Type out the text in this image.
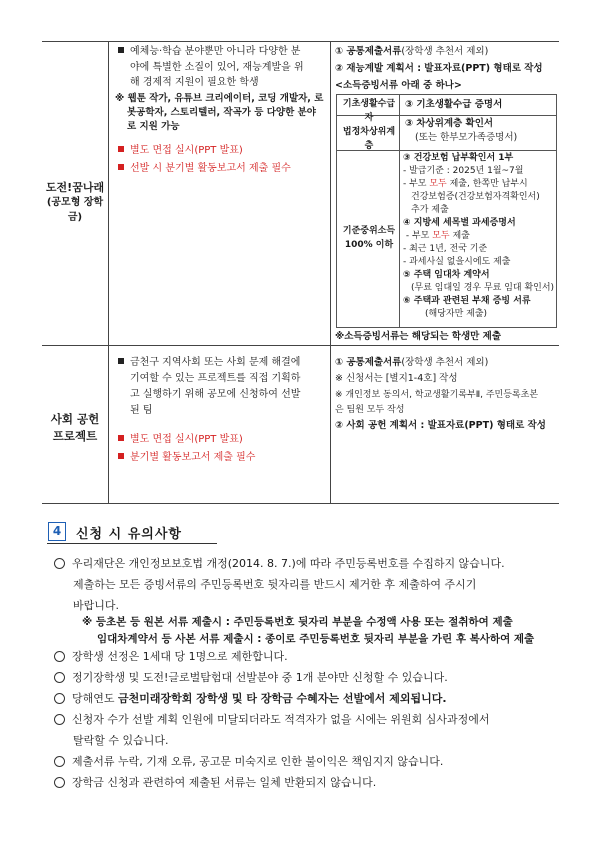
도전!꿈나래
(공모형 장학금)
예체능·학습 분야뿐만 아니라 다양한 분
야에 특별한 소질이 있어, 재능계발을 위
해 경제적 지원이 필요한 학생
※ 웹툰 작가, 유튜브 크리에이터, 코딩 개발자, 로
봇공학자, 스토리텔러, 작곡가 등 다양한 분야
로 지원 가능
별도 면접 실시(PPT 발표)
선발 시 분기별 활동보고서 제출 필수
① 공통제출서류(장학생 추천서 제외)
② 재능계발 계획서 : 발표자료(PPT) 형태로 작성
<소득증빙서류 아래 중 하나>
기초생활수급자
③ 기초생활수급 증명서
법정차상위계층
③ 차상위계층 확인서
(또는 한부모가족증명서)
기준중위소득
100% 이하
③ 건강보험 납부확인서 1부
- 발급기준 : 2025년 1월~7월
- 부모 모두 제출, 한쪽만 납부시
건강보험증(건강보험자격확인서)
추가 제출
④ 지방세 세목별 과세증명서
- 부모 모두 제출
- 최근 1년, 전국 기준
- 과세사실 없을시에도 제출
⑤ 주택 임대차 계약서
(무료 임대일 경우 무료 임대 확인서)
⑥ 주택과 관련된 부채 증빙 서류
(해당자만 제출)
※소득증빙서류는 해당되는 학생만 제출
사회 공헌
프로젝트
금천구 지역사회 또는 사회 문제 해결에
기여할 수 있는 프로젝트를 직접 기획하
고 실행하기 위해 공모에 신청하여 선발
된 팀
별도 면접 실시(PPT 발표)
분기별 활동보고서 제출 필수
① 공통제출서류(장학생 추천서 제외)
※ 신청서는 [별지1-4호] 작성
※ 개인정보 동의서, 학교생활기록부Ⅱ, 주민등록초본
은 팀원 모두 작성
② 사회 공헌 계획서 : 발표자료(PPT) 형태로 작성
4	신청 시 유의사항
우리재단은 개인정보보호법 개정(2014. 8. 7.)에 따라 주민등록번호를 수집하지 않습니다.
제출하는 모든 증빙서류의 주민등록번호 뒷자리를 반드시 제거한 후 제출하여 주시기
바랍니다.
※ 등초본 등 원본 서류 제출시 : 주민등록번호 뒷자리 부분을 수정액 사용 또는 절취하여 제출
임대차계약서 등 사본 서류 제출시 : 종이로 주민등록번호 뒷자리 부분을 가린 후 복사하여 제출
장학생 선정은 1세대 당 1명으로 제한합니다.
정기장학생 및 도전!글로벌탐험대 선발분야 중 1개 분야만 신청할 수 있습니다.
당해연도 금천미래장학회 장학생 및 타 장학금 수혜자는 선발에서 제외됩니다.
신청자 수가 선발 계획 인원에 미달되더라도 적격자가 없을 시에는 위원회 심사과정에서
탈락할 수 있습니다.
제출서류 누락, 기재 오류, 공고문 미숙지로 인한 불이익은 책임지지 않습니다.
장학금 신청과 관련하여 제출된 서류는 일체 반환되지 않습니다.
